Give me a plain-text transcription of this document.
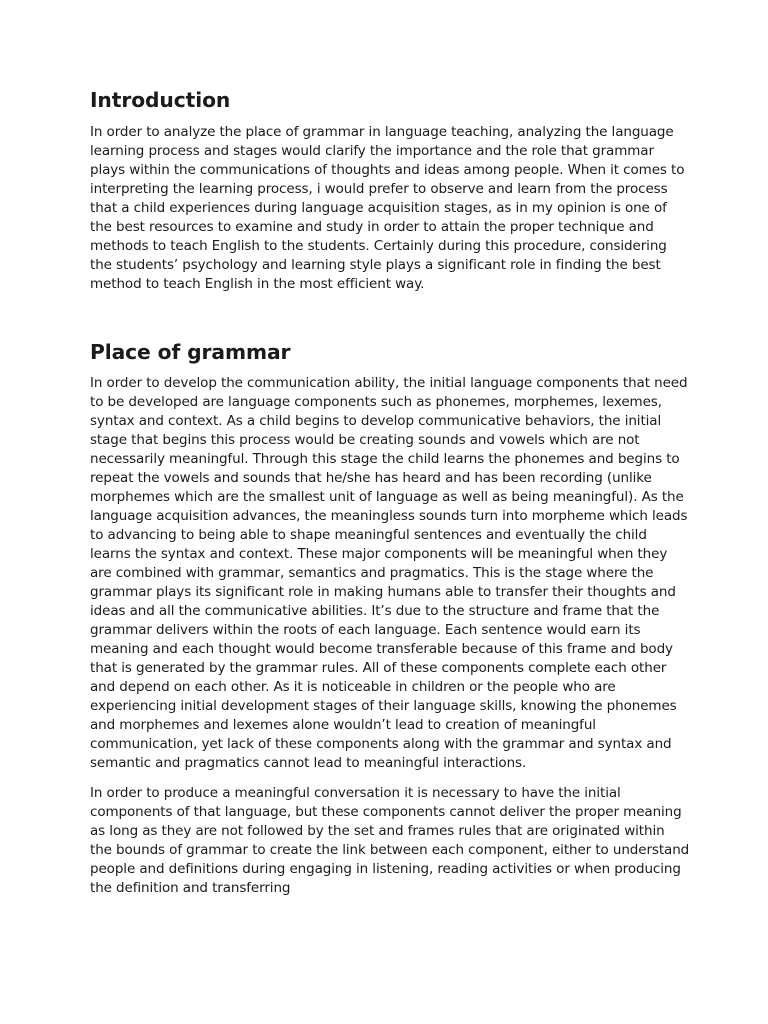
Introduction

In order to analyze the place of grammar in language teaching, analyzing the language learning process and stages would clarify the importance and the role that grammar plays within the communications of thoughts and ideas among people. When it comes to interpreting the learning process, i would prefer to observe and learn from the process that a child experiences during language acquisition stages, as in my opinion is one of the best resources to examine and study in order to attain the proper technique and methods to teach English to the students. Certainly during this procedure, considering the students’ psychology and learning style plays a significant role in finding the best method to teach English in the most efficient way.

Place of grammar

In order to develop the communication ability, the initial language components that need to be developed are language components such as phonemes, morphemes, lexemes, syntax and context. As a child begins to develop communicative behaviors, the initial stage that begins this process would be creating sounds and vowels which are not necessarily meaningful. Through this stage the child learns the phonemes and begins to repeat the vowels and sounds that he/she has heard and has been recording (unlike morphemes which are the smallest unit of language as well as being meaningful). As the language acquisition advances, the meaningless sounds turn into morpheme which leads to advancing to being able to shape meaningful sentences and eventually the child learns the syntax and context. These major components will be meaningful when they are combined with grammar, semantics and pragmatics. This is the stage where the grammar plays its significant role in making humans able to transfer their thoughts and ideas and all the communicative abilities. It’s due to the structure and frame that the grammar delivers within the roots of each language. Each sentence would earn its meaning and each thought would become transferable because of this frame and body that is generated by the grammar rules. All of these components complete each other and depend on each other. As it is noticeable in children or the people who are experiencing initial development stages of their language skills, knowing the phonemes and morphemes and lexemes alone wouldn’t lead to creation of meaningful communication, yet lack of these components along with the grammar and syntax and semantic and pragmatics cannot lead to meaningful interactions.

In order to produce a meaningful conversation it is necessary to have the initial components of that language, but these components cannot deliver the proper meaning as long as they are not followed by the set and frames rules that are originated within the bounds of grammar to create the link between each component, either to understand people and definitions during engaging in listening, reading activities or when producing the definition and transferring
